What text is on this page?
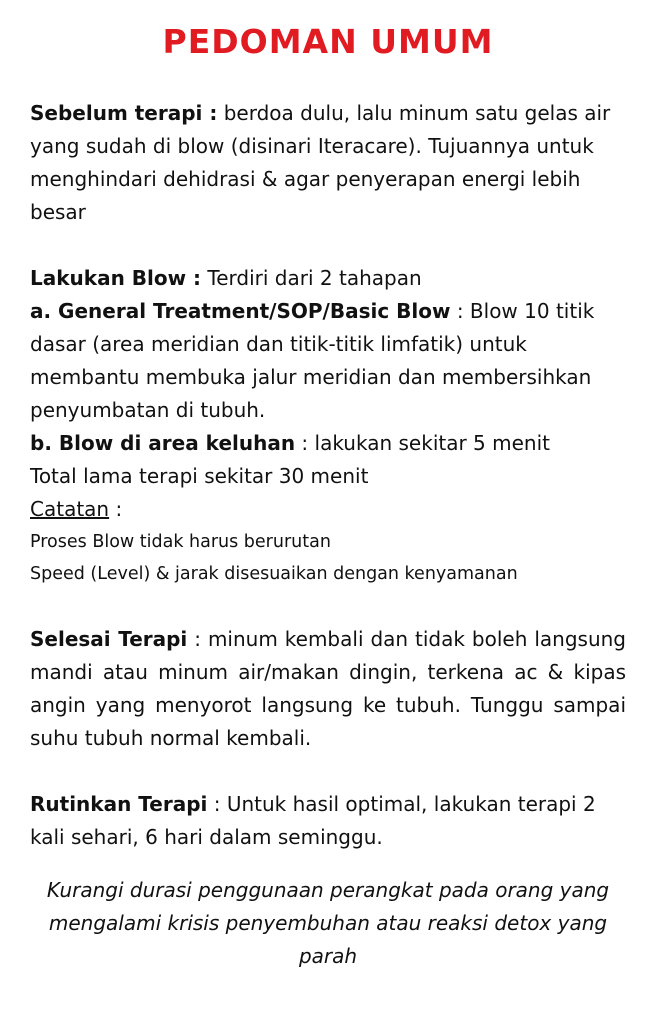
PEDOMAN UMUM

Sebelum terapi : berdoa dulu, lalu minum satu gelas air yang sudah di blow (disinari Iteracare). Tujuannya untuk menghindari dehidrasi & agar penyerapan energi lebih besar

Lakukan Blow : Terdiri dari 2 tahapan

a. General Treatment/SOP/Basic Blow : Blow 10 titik dasar (area meridian dan titik-titik limfatik) untuk membantu membuka jalur meridian dan membersihkan penyumbatan di tubuh.

b. Blow di area keluhan : lakukan sekitar 5 menit

Total lama terapi sekitar 30 menit

Catatan :

Proses Blow tidak harus berurutan

Speed (Level) & jarak disesuaikan dengan kenyamanan

Selesai Terapi : minum kembali dan tidak boleh langsung mandi atau minum air/makan dingin, terkena ac & kipas angin yang menyorot langsung ke tubuh. Tunggu sampai suhu tubuh normal kembali.

Rutinkan Terapi : Untuk hasil optimal, lakukan terapi 2 kali sehari, 6 hari dalam seminggu.

Kurangi durasi penggunaan perangkat pada orang yang mengalami krisis penyembuhan atau reaksi detox yang parah
